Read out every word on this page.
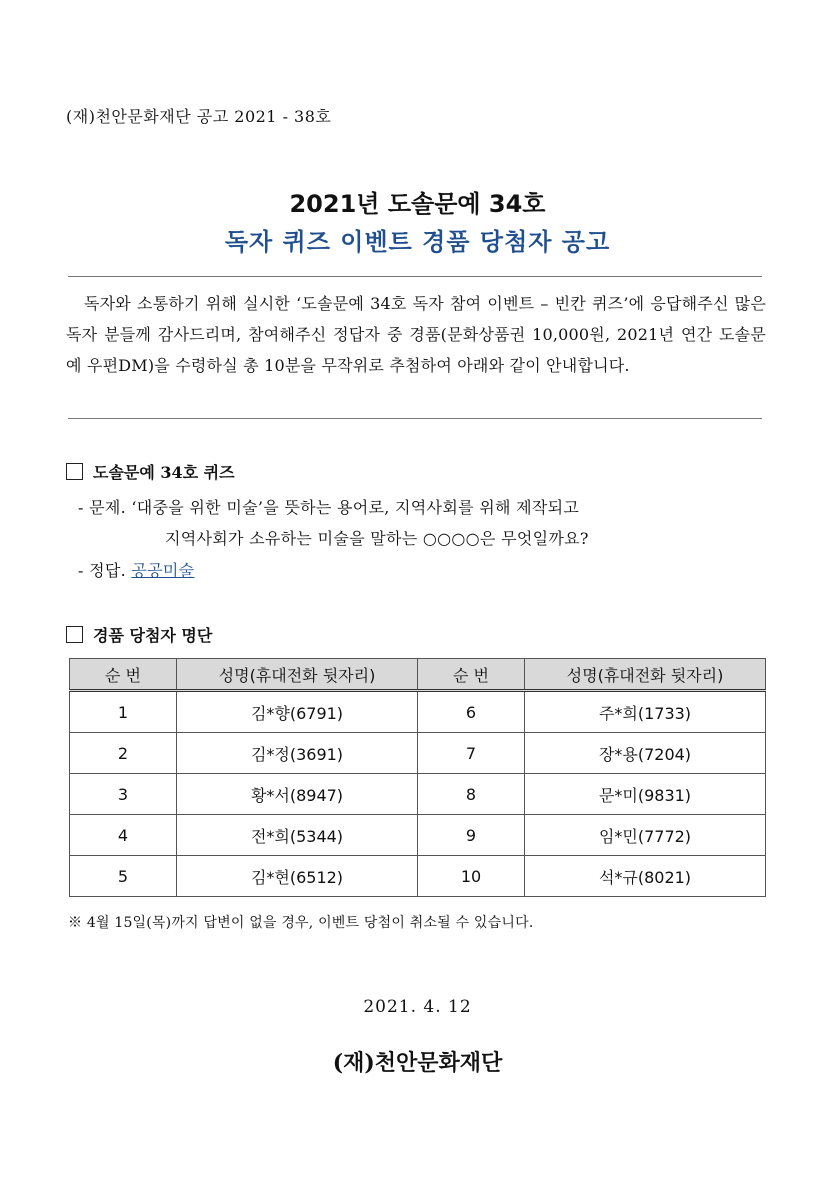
(재)천안문화재단 공고 2021 - 38호
2021년 도솔문예 34호
독자 퀴즈 이벤트 경품 당첨자 공고

독자와 소통하기 위해 실시한 ‘도솔문예 34호 독자 참여 이벤트 – 빈칸 퀴즈’에 응답해주신 많은 독자 분들께 감사드리며, 참여해주신 정답자 중 경품(문화상품권 10,000원, 2021년 연간 도솔문예 우편DM)을 수령하실 총 10분을 무작위로 추첨하여 아래와 같이 안내합니다.

도솔문예 34호 퀴즈
- 문제. ‘대중을 위한 미술’을 뜻하는 용어로, 지역사회를 위해 제작되고
지역사회가 소유하는 미술을 말하는 ○○○○은 무엇일까요?
- 정답. 공공미술
경품 당첨자 명단
순 번	성명(휴대전화 뒷자리)	순 번	성명(휴대전화 뒷자리)
1	김*향(6791)	6	주*희(1733)
2	김*정(3691)	7	장*용(7204)
3	황*서(8947)	8	문*미(9831)
4	전*희(5344)	9	임*민(7772)
5	김*현(6512)	10	석*규(8021)
※ 4월 15일(목)까지 답변이 없을 경우, 이벤트 당첨이 취소될 수 있습니다.
2021. 4. 12
(재)천안문화재단
